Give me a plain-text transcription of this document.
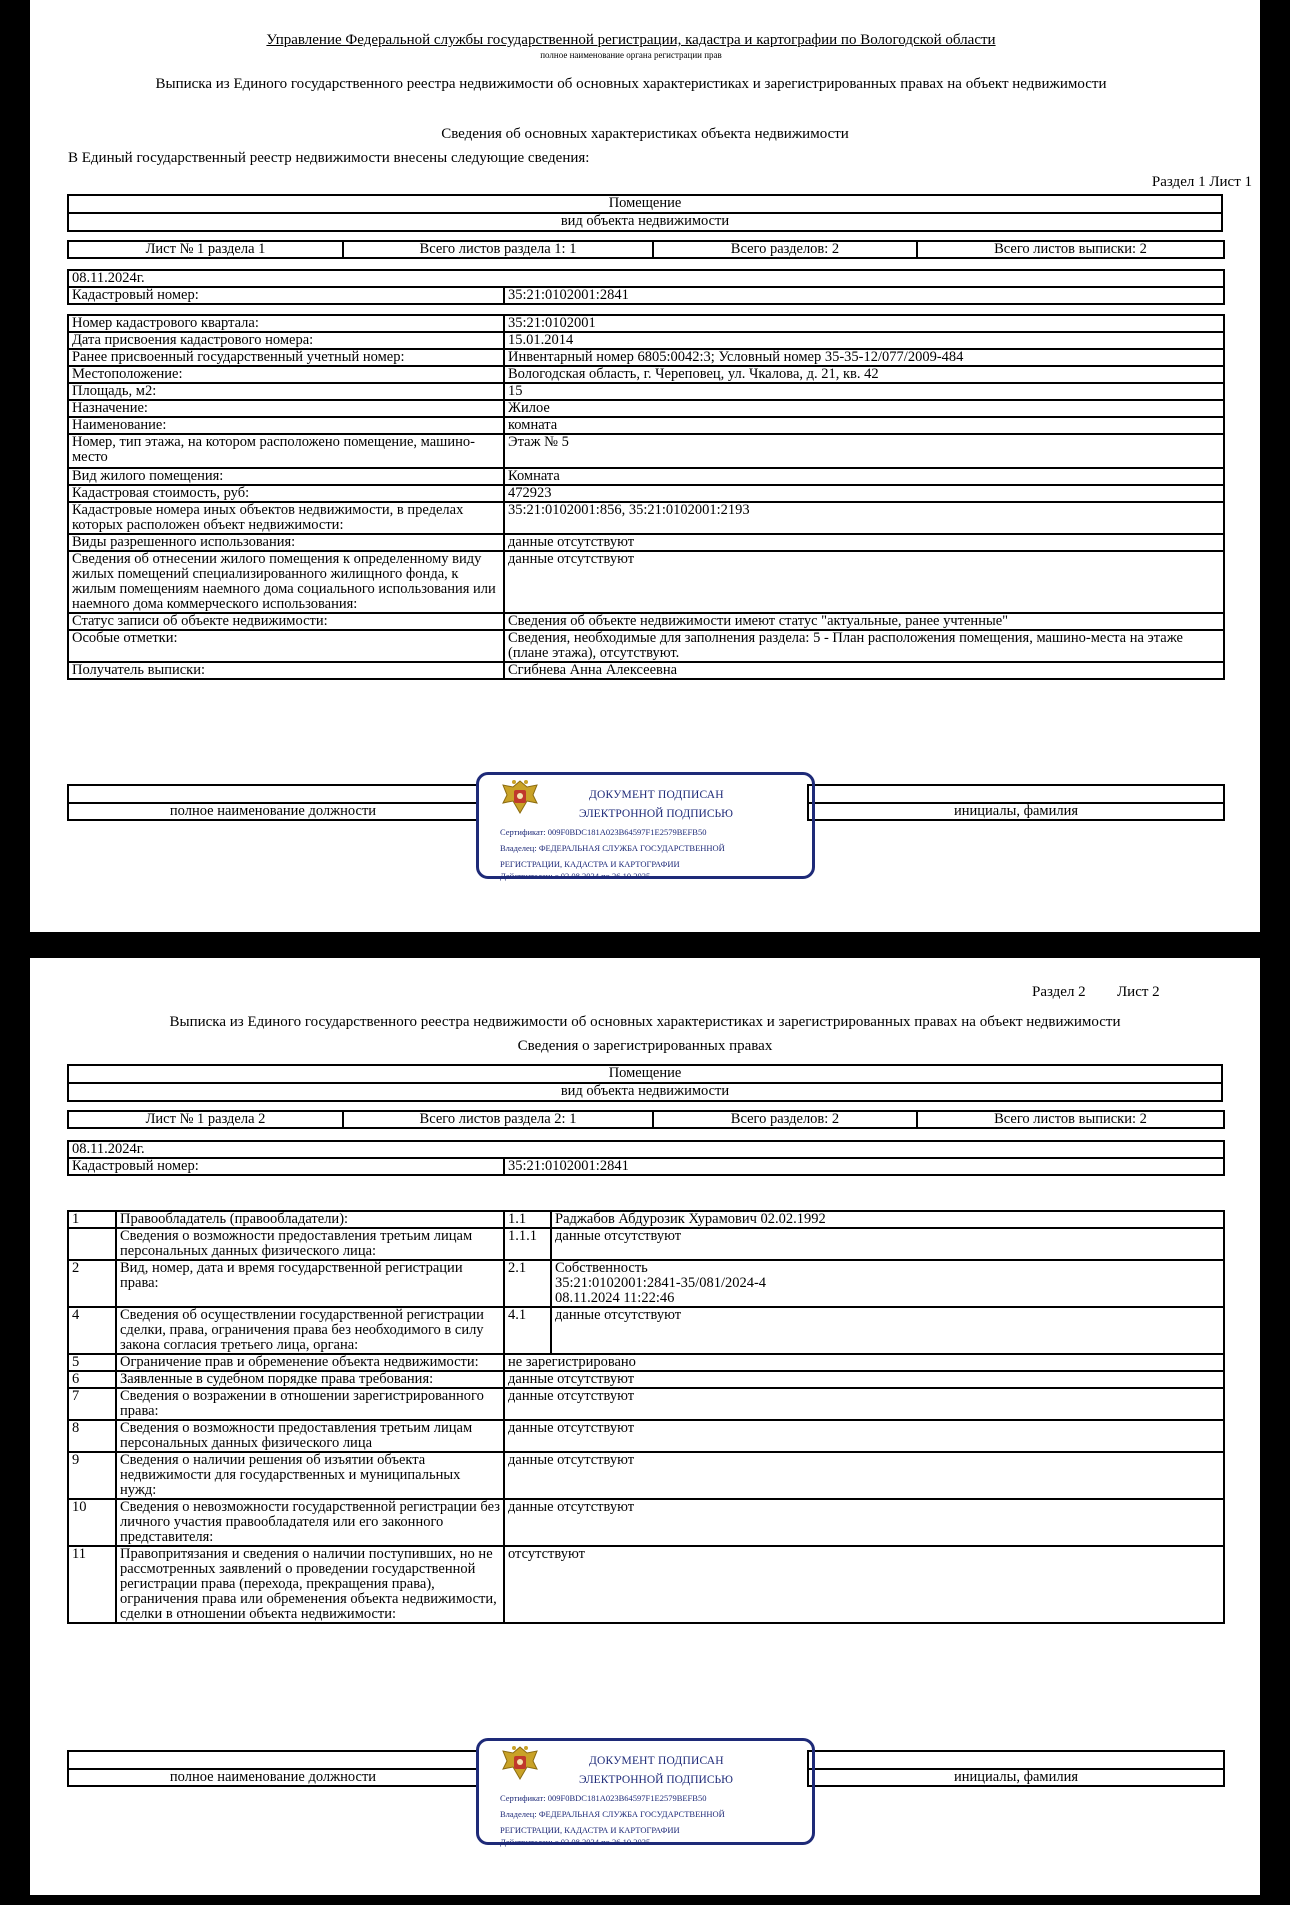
Управление Федеральной службы государственной регистрации, кадастра и картографии по Вологодской области
полное наименование органа регистрации прав
Выписка из Единого государственного реестра недвижимости об основных характеристиках и зарегистрированных правах на объект недвижимости
Сведения об основных характеристиках объекта недвижимости
В Единый государственный реестр недвижимости внесены следующие сведения:
Раздел 1 Лист 1
Помещение
вид объекта недвижимости
Лист № 1 раздела 1	Всего листов раздела 1: 1	Всего разделов: 2	Всего листов выписки: 2
08.11.2024г.
Кадастровый номер:	35:21:0102001:2841
Номер кадастрового квартала:	35:21:0102001
Дата присвоения кадастрового номера:	15.01.2014
Ранее присвоенный государственный учетный номер:	Инвентарный номер 6805:0042:3; Условный номер 35-35-12/077/2009-484
Местоположение:	Вологодская область, г. Череповец, ул. Чкалова, д. 21, кв. 42
Площадь, м2:	15
Назначение:	Жилое
Наименование:	комната
Номер, тип этажа, на котором расположено помещение, машино-место	Этаж № 5
Вид жилого помещения:	Комната
Кадастровая стоимость, руб:	472923
Кадастровые номера иных объектов недвижимости, в пределах которых расположен объект недвижимости:	35:21:0102001:856, 35:21:0102001:2193
Виды разрешенного использования:	данные отсутствуют
Сведения об отнесении жилого помещения к определенному виду жилых помещений специализированного жилищного фонда, к жилым помещениям наемного дома социального использования или наемного дома коммерческого использования:	данные отсутствуют
Статус записи об объекте недвижимости:	Сведения об объекте недвижимости имеют статус "актуальные, ранее учтенные"
Особые отметки:	Сведения, необходимые для заполнения раздела: 5 - План расположения помещения, машино-места на этаже (плане этажа), отсутствуют.
Получатель выписки:	Сгибнева Анна Алексеевна

полное наименование должности		инициалы, фамилия
ДОКУМЕНТ ПОДПИСАН
ЭЛЕКТРОННОЙ ПОДПИСЬЮ
Сертификат: 009F0BDC181A023B64597F1E2579BEFB50
Владелец: ФЕДЕРАЛЬНАЯ СЛУЖБА ГОСУДАРСТВЕННОЙ
РЕГИСТРАЦИИ, КАДАСТРА И КАРТОГРАФИИ
Действителен: с 02.08.2024 по 26.10.2025
Раздел 2 Лист 2
Выписка из Единого государственного реестра недвижимости об основных характеристиках и зарегистрированных правах на объект недвижимости
Сведения о зарегистрированных правах
Помещение
вид объекта недвижимости
Лист № 1 раздела 2	Всего листов раздела 2: 1	Всего разделов: 2	Всего листов выписки: 2
08.11.2024г.
Кадастровый номер:	35:21:0102001:2841
1	Правообладатель (правообладатели):	1.1	Раджабов Абдурозик Хурамович 02.02.1992
	Сведения о возможности предоставления третьим лицам персональных данных физического лица:	1.1.1	данные отсутствуют
2	Вид, номер, дата и время государственной регистрации права:	2.1	Собственность
35:21:0102001:2841-35/081/2024-4
08.11.2024 11:22:46

4	Сведения об осуществлении государственной регистрации сделки, права, ограничения права без необходимого в силу закона согласия третьего лица, органа:	4.1	данные отсутствуют
5	Ограничение прав и обременение объекта недвижимости:	не зарегистрировано	
6	Заявленные в судебном порядке права требования:	данные отсутствуют	
7	Сведения о возражении в отношении зарегистрированного права:	данные отсутствуют	
8	Сведения о возможности предоставления третьим лицам персональных данных физического лица	данные отсутствуют	
9	Сведения о наличии решения об изъятии объекта недвижимости для государственных и муниципальных нужд:	данные отсутствуют	
10	Сведения о невозможности государственной регистрации без личного участия правообладателя или его законного представителя:	данные отсутствуют	
11	Правопритязания и сведения о наличии поступивших, но не рассмотренных заявлений о проведении государственной регистрации права (перехода, прекращения права), ограничения права или обременения объекта недвижимости, сделки в отношении объекта недвижимости:	отсутствуют	

полное наименование должности		инициалы, фамилия
ДОКУМЕНТ ПОДПИСАН
ЭЛЕКТРОННОЙ ПОДПИСЬЮ
Сертификат: 009F0BDC181A023B64597F1E2579BEFB50
Владелец: ФЕДЕРАЛЬНАЯ СЛУЖБА ГОСУДАРСТВЕННОЙ
РЕГИСТРАЦИИ, КАДАСТРА И КАРТОГРАФИИ
Действителен: с 02.08.2024 по 26.10.2025
